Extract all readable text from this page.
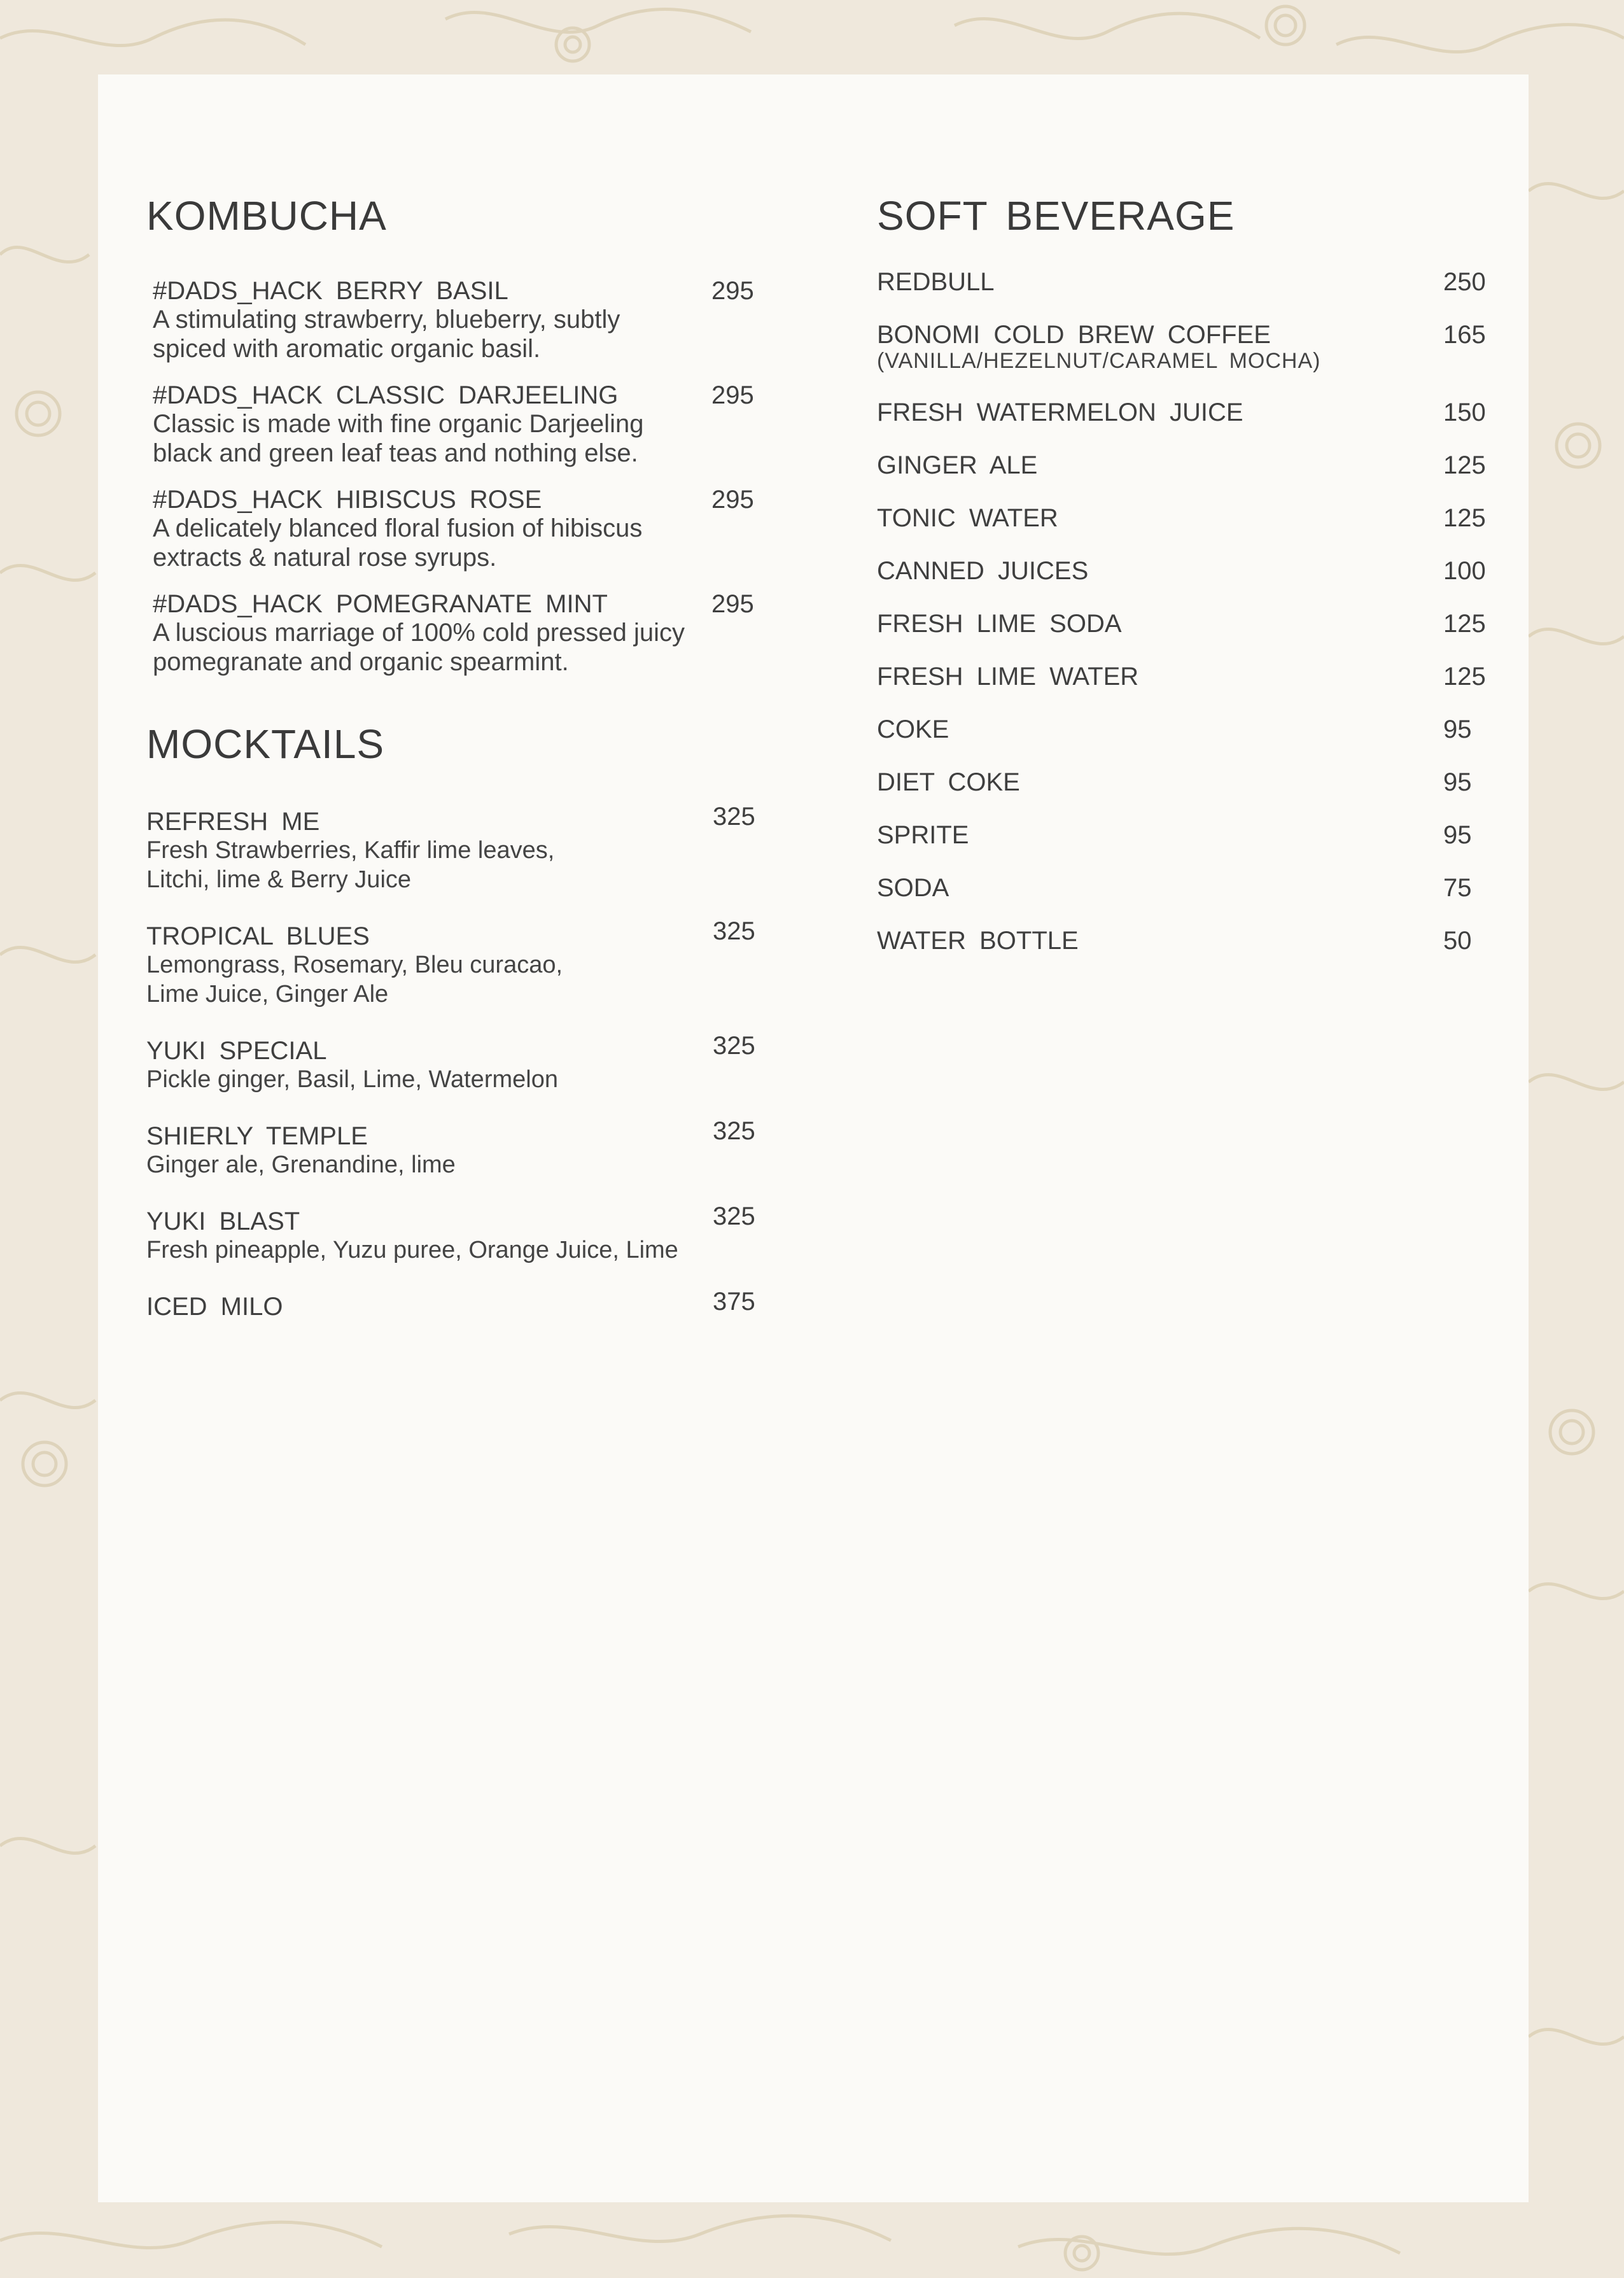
KOMBUCHA
#DADS_HACK BERRY BASIL	295
A stimulating strawberry, blueberry, subtly
spiced with aromatic organic basil.
#DADS_HACK CLASSIC DARJEELING	295
Classic is made with fine organic Darjeeling
black and green leaf teas and nothing else.
#DADS_HACK HIBISCUS ROSE	295
A delicately blanced floral fusion of hibiscus
extracts & natural rose syrups.
#DADS_HACK POMEGRANATE MINT	295
A luscious marriage of 100% cold pressed juicy
pomegranate and organic spearmint.
MOCKTAILS
REFRESH ME	325
Fresh Strawberries, Kaffir lime leaves,
Litchi, lime & Berry Juice
TROPICAL BLUES	325
Lemongrass, Rosemary, Bleu curacao,
Lime Juice, Ginger Ale
YUKI SPECIAL	325
Pickle ginger, Basil, Lime, Watermelon
SHIERLY TEMPLE	325
Ginger ale, Grenandine, lime
YUKI BLAST	325
Fresh pineapple, Yuzu puree, Orange Juice, Lime
ICED MILO	375
SOFT BEVERAGE
REDBULL	250
BONOMI COLD BREW COFFEE	165
(VANILLA/HEZELNUT/CARAMEL MOCHA)
FRESH WATERMELON JUICE	150
GINGER ALE	125
TONIC WATER	125
CANNED JUICES	100
FRESH LIME SODA	125
FRESH LIME WATER	125
COKE	95
DIET COKE	95
SPRITE	95
SODA	75
WATER BOTTLE	50
